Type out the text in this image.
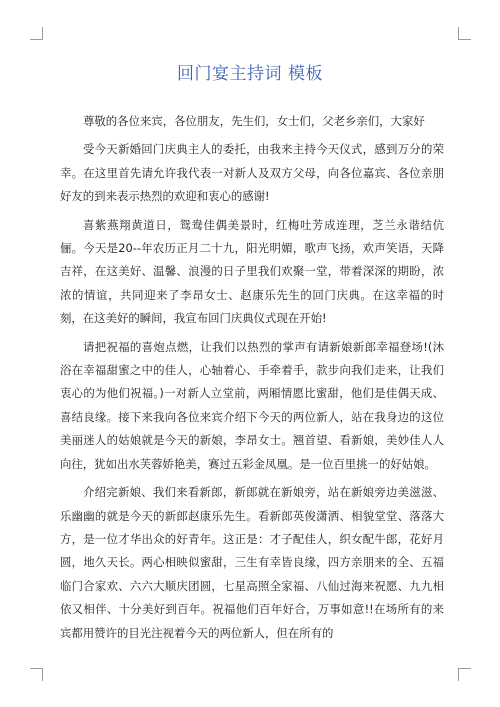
回门宴主持词 模板

尊敬的各位来宾，各位朋友，先生们，女士们，父老乡亲们，大家好

受今天新婚回门庆典主人的委托，由我来主持今天仪式，感到万分的荣幸。在这里首先请允许我代表一对新人及双方父母，向各位嘉宾、各位亲朋好友的到来表示热烈的欢迎和衷心的感谢!

喜紫燕翔黄道日，鸳鸯佳偶美景时，红梅吐芳成连理，芝兰永谐结伉俪。今天是20--年农历正月二十九，阳光明媚，歌声飞扬，欢声笑语，天降吉祥，在这美好、温馨、浪漫的日子里我们欢聚一堂，带着深深的期盼，浓浓的情谊，共同迎来了李昂女士、赵康乐先生的回门庆典。在这幸福的时刻，在这美好的瞬间，我宣布回门庆典仪式现在开始!

请把祝福的喜炮点燃，让我们以热烈的掌声有请新娘新郎幸福登场!(沐浴在幸福甜蜜之中的佳人，心轴着心、手牵着手，款步向我们走来，让我们衷心的为他们祝福。)一对新人立堂前，两厢情愿比蜜甜，他们是佳偶天成、喜结良缘。接下来我向各位来宾介绍下今天的两位新人，站在我身边的这位美丽迷人的姑娘就是今天的新娘，李昂女士。翘首望、看新娘，美妙佳人人向往，犹如出水芙蓉娇艳美，赛过五彩金凤凰。是一位百里挑一的好姑娘。

介绍完新娘、我们来看新郎，新郎就在新娘旁，站在新娘旁边美滋滋、乐幽幽的就是今天的新郎赵康乐先生。看新郎英俊潇洒、相貌堂堂、落落大方，是一位才华出众的好青年。这正是：才子配佳人，织女配牛郎，花好月圆，地久天长。两心相映似蜜甜，三生有幸皆良缘，四方亲朋来的全、五福临门合家欢、六六大顺庆团圆，七星高照全家福、八仙过海来祝愿、九九相依又相伴、十分美好到百年。祝福他们百年好合，万事如意!!在场所有的来宾都用赞许的目光注视着今天的两位新人，但在所有的
